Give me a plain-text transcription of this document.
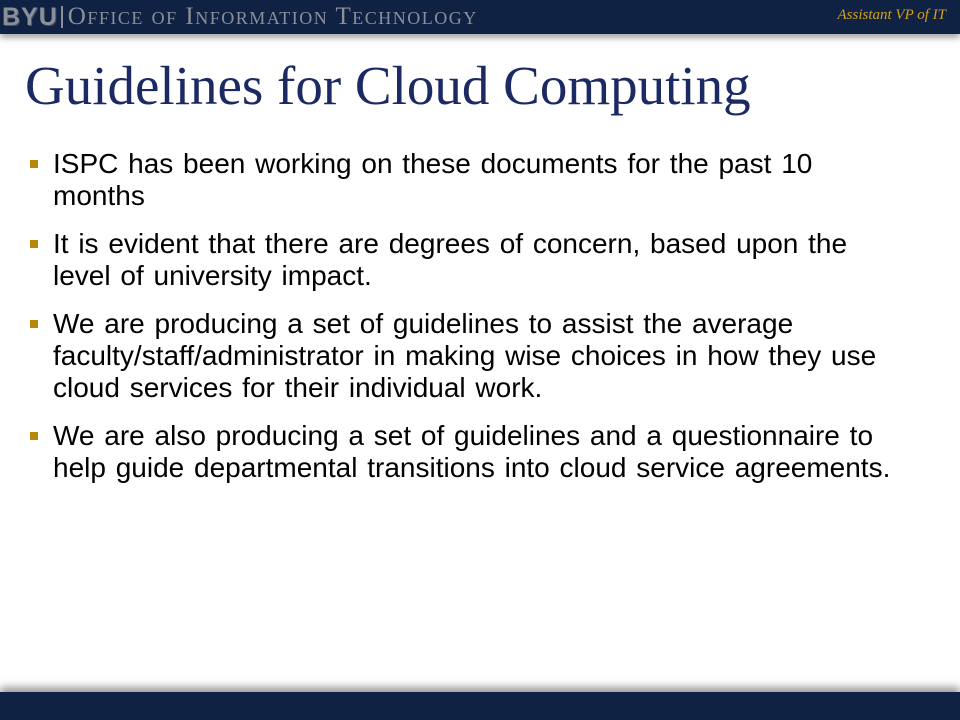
BYU Office of Information Technology	Assistant VP of IT
Guidelines for Cloud Computing
ISPC has been working on these documents for the past 10 months
It is evident that there are degrees of concern, based upon the level of university impact.
We are producing a set of guidelines to assist the average faculty/staff/administrator in making wise choices in how they use cloud services for their individual work.
We are also producing a set of guidelines and a questionnaire to help guide departmental transitions into cloud service agreements.
